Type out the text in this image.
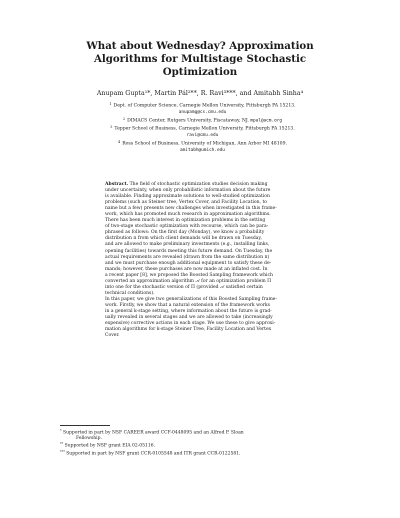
What about Wednesday? Approximation
Algorithms for Multistage Stochastic
Optimization
Anupam Gupta¹*, Martin Pál²**, R. Ravi³***, and Amitabh Sinha⁴
$^1$ Dept. of Computer Science, Carnegie Mellon University, Pittsburgh PA 15213.
anupamg@cs.cmu.edu
$^2$ DIMACS Center, Rutgers University, Piscataway, NJ. mpal@acm.org
$^3$ Tepper School of Business, Carnegie Mellon University, Pittsburgh PA 15213.
ravi@cmu.edu
$^4$ Ross School of Business, University of Michigan, Ann Arbor MI 48109.
amitabh@umich.edu
Abstract. The field of stochastic optimization studies decision making
under uncertainty, when only probabilistic information about the future
is available. Finding approximate solutions to well-studied optimization
problems (such as Steiner tree, Vertex Cover, and Facility Location, to
name but a few) presents new challenges when investigated in this frame-
work, which has promoted much research in approximation algorithms.
There has been much interest in optimization problems in the setting
of two-stage stochastic optimization with recourse, which can be para-
phrased as follows: On the first day (Monday), we know a probability
distribution π from which client demands will be drawn on Tuesday,
and are allowed to make preliminary investments (e.g., installing links,
opening facilities) towards meeting this future demand. On Tuesday, the
actual requirements are revealed (drawn from the same distribution π)
and we must purchase enough additional equipment to satisfy these de-
mands; however, these purchases are now made at an inflated cost. In
a recent paper [8], we proposed the Boosted Sampling framework which
converted an approximation algorithm 𝒜 for an optimization problem Π
into one for the stochastic version of Π (provided 𝒜 satisfied certain
technical conditions).
In this paper, we give two generalizations of this Boosted Sampling frame-
work. Firstly, we show that a natural extension of the framework works
in a general k-stage setting, where information about the future is grad-
ually revealed in several stages and we are allowed to take (increasingly
expensive) corrective actions in each stage. We use these to give approxi-
mation algorithms for k-stage Steiner Tree, Facility Location and Vertex
Cover.
* Supported in part by NSF CAREER award CCF-0448095 and an Alfred P. Sloan
Fellowship.
** Supported by NSF grant EIA 02-05116.
*** Supported in part by NSF grant CCR-0105548 and ITR grant CCR-0122581.
